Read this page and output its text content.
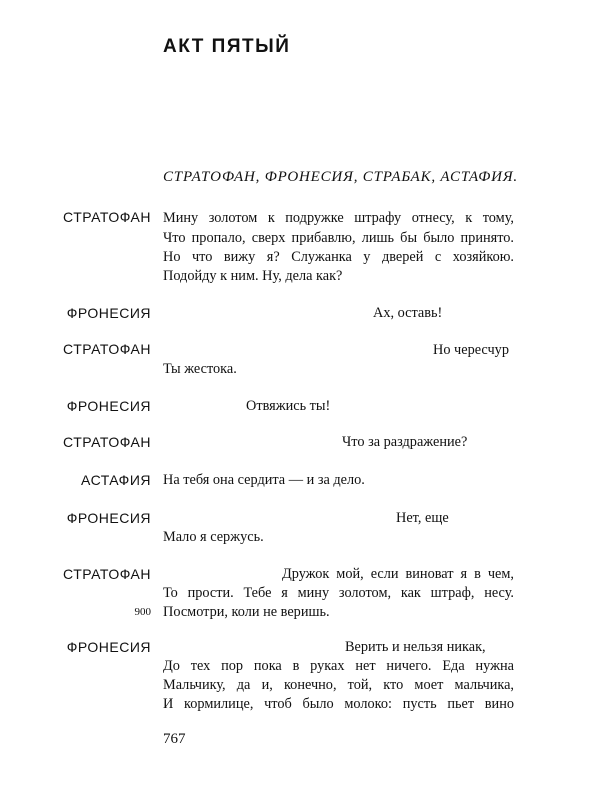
АКТ ПЯТЫЙ
СТРАТОФАН, ФРОНЕСИЯ, СТРАБАК, АСТАФИЯ.
СТРАТОФАН Мину золотом к подружке штрафу отнесу, к тому,
Что пропало, сверх прибавлю, лишь бы было принято.
Но что вижу я? Служанка у дверей с хозяйкою.
Подойду к ним. Ну, дела как?
ФРОНЕСИЯ	Ах, оставь!
СТРАТОФАН	Но чересчур
Ты жестока.
ФРОНЕСИЯ	Отвяжись ты!
СТРАТОФАН	Что за раздражение?
АСТАФИЯ На тебя она сердита — и за дело.
ФРОНЕСИЯ	Нет, еще
Мало я сержусь.
СТРАТОФАН	Дружок мой, если виноват я в чем,
То прости. Тебе я мину золотом, как штраф, несу.
900 Посмотри, коли не веришь.
ФРОНЕСИЯ	Верить и нельзя никак,
До тех пор пока в руках нет ничего. Еда нужна
Мальчику, да и, конечно, той, кто моет мальчика,
И кормилице, чтоб было молоко: пусть пьет вино
767
